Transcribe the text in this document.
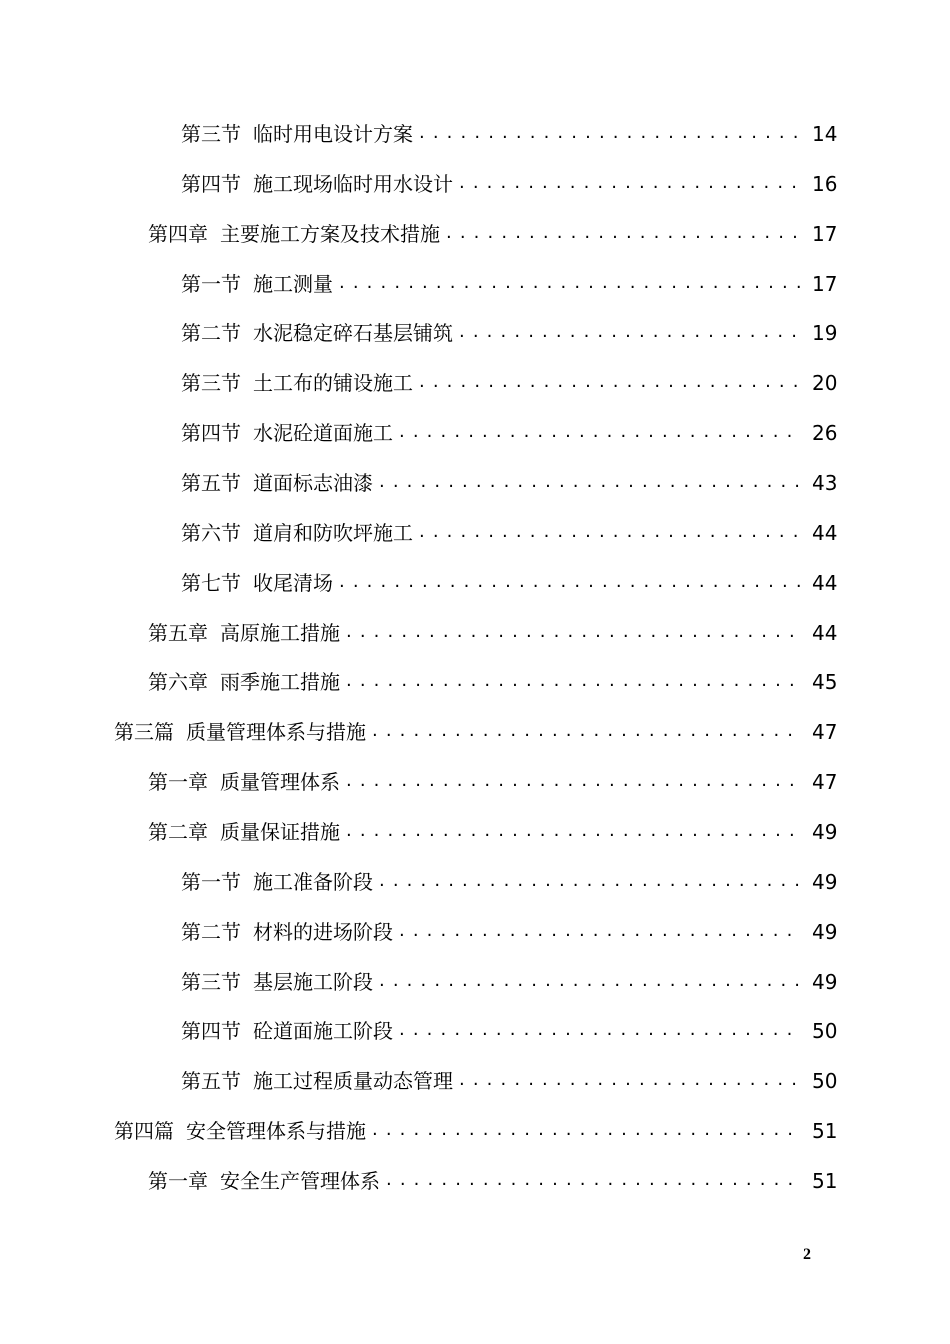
第三节 临时用电设计方案 . . .	14
第四节 施工现场临时用水设计 . . .	16
第四章 主要施工方案及技术措施 . . .	17
第一节 施工测量 . . .	17
第二节 水泥稳定碎石基层铺筑 . . .	19
第三节 土工布的铺设施工 . . .	20
第四节 水泥砼道面施工 . . .	26
第五节 道面标志油漆 . . .	43
第六节 道肩和防吹坪施工 . . .	44
第七节 收尾清场 . . .	44
第五章 高原施工措施 . . .	44
第六章 雨季施工措施 . . .	45
第三篇 质量管理体系与措施 . . .	47
第一章 质量管理体系 . . .	47
第二章 质量保证措施 . . .	49
第一节 施工准备阶段 . . .	49
第二节 材料的进场阶段 . . .	49
第三节 基层施工阶段 . . .	49
第四节 砼道面施工阶段 . . .	50
第五节 施工过程质量动态管理 . . .	50
第四篇 安全管理体系与措施 . . .	51
第一章 安全生产管理体系 . . .	51
2
